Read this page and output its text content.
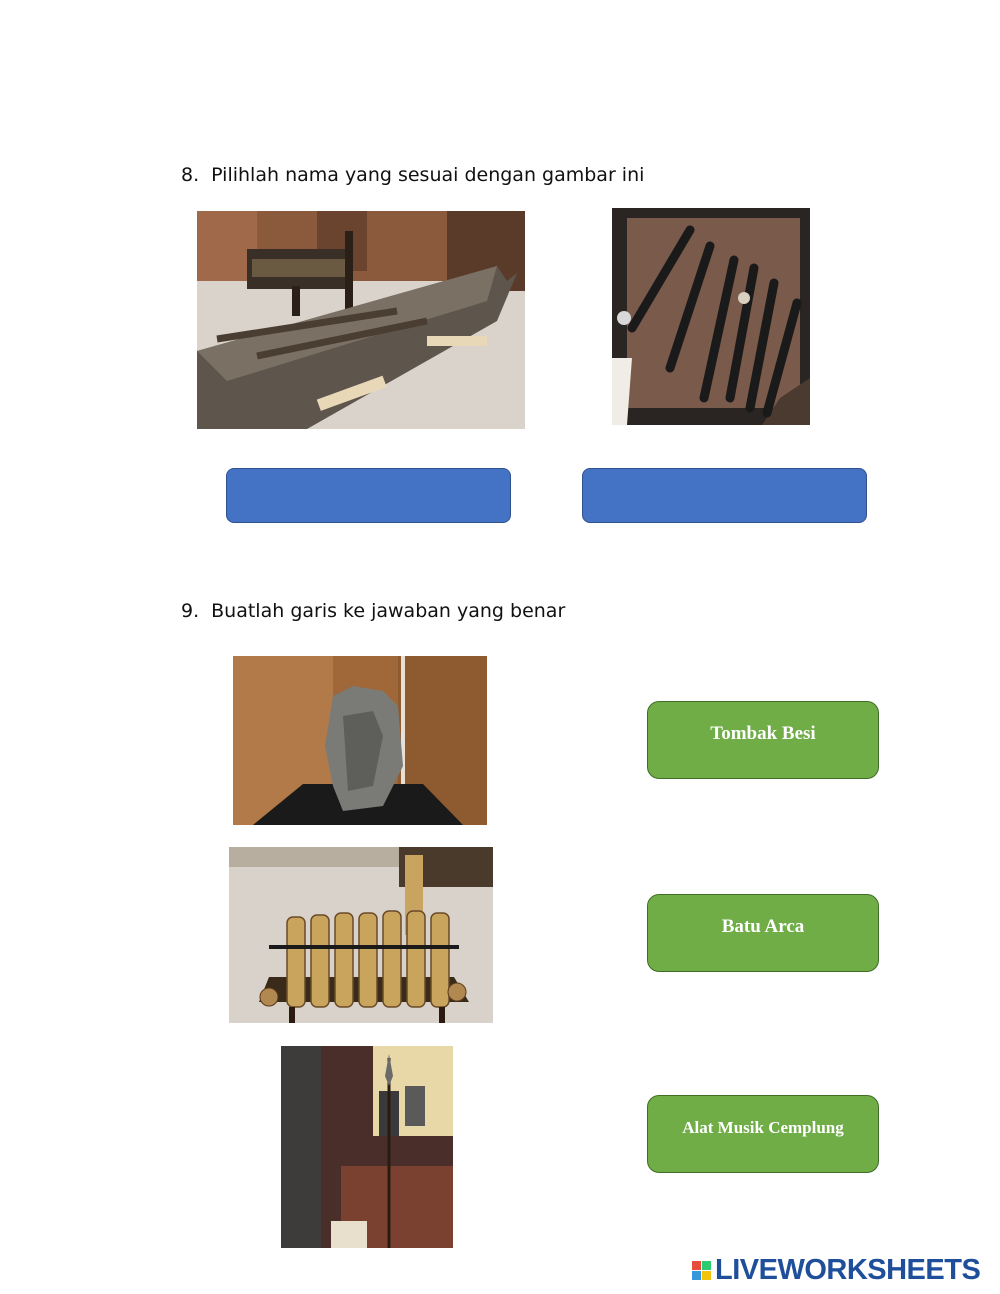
8. Pilihlah nama yang sesuai dengan gambar ini
9. Buatlah garis ke jawaban yang benar
Tombak Besi
Batu Arca
Alat Musik Cemplung
LIVEWORKSHEETS
